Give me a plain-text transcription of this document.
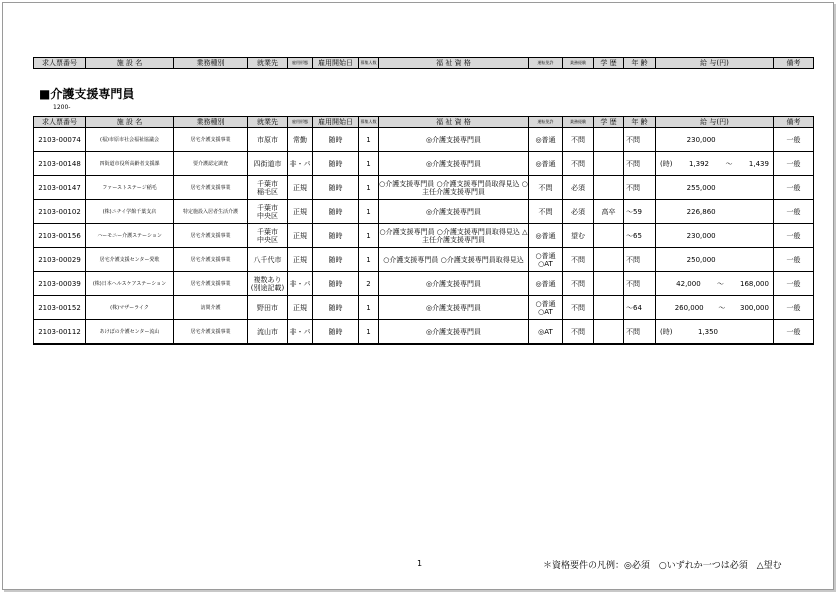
求人票番号	施 設 名	業務種別	就業先	雇用形態	雇用開始日	募集人数	福 祉 資 格	運転免許	業務経験	学 歴	年 齢	給 与(円)	備考
■介護支援専門員
1200-
求人票番号	施 設 名	業務種別	就業先	雇用形態	雇用開始日	募集人数	福 祉 資 格	運転免許	業務経験	学 歴	年 齢	給 与(円)	備考
2103-00074	(福)市原市社会福祉協議会	居宅介護支援事業	市原市	常勤	随時	1	◎介護支援専門員	◎普通	不問		不問	230,000	一般
2103-00148	四街道市役所高齢者支援課	要介護認定調査	四街道市	非・パ	随時	1	◎介護支援専門員	◎普通	不問		不問	(時) 1,392 ～ 1,439	一般
2103-00147	ファーストステージ稲毛	居宅介護支援事業	千葉市
稲毛区	正規	随時	1	○介護支援専門員 ○介護支援専門員取得見込 ○主任介護支援専門員	不問	必須		不問	255,000	一般
2103-00102	(株)ニチイ学館千葉支店	特定施設入居者生活介護	千葉市
中央区	正規	随時	1	◎介護支援専門員	不問	必須	高卒	～59	226,860	一般
2103-00156	ハーモニー介護ステーション	居宅介護支援事業	千葉市
中央区	正規	随時	1	○介護支援専門員 ○介護支援専門員取得見込 △主任介護支援専門員	◎普通	望む		～65	230,000	一般
2103-00029	居宅介護支援センター愛歌	居宅介護支援事業	八千代市	正規	随時	1	○介護支援専門員 ○介護支援専門員取得見込	○普通
○AT	不問		不問	250,000	一般
2103-00039	(株)日本ヘルスケアステーション	居宅介護支援事業	複数あり
(別途記載)	非・パ	随時	2	◎介護支援専門員	◎普通	不問		不問	42,000 ～ 168,000	一般
2103-00152	(株)マザーライク	訪問介護	野田市	正規	随時	1	◎介護支援専門員	○普通
○AT	不問		～64	260,000 ～ 300,000	一般
2103-00112	あけぼの介護センター流山	居宅介護支援事業	流山市	非・パ	随時	1	◎介護支援専門員	◎AT	不問		不問	(時) 1,350	一般
1	＊資格要件の凡例：◎必須　○いずれか一つは必須　△望む
